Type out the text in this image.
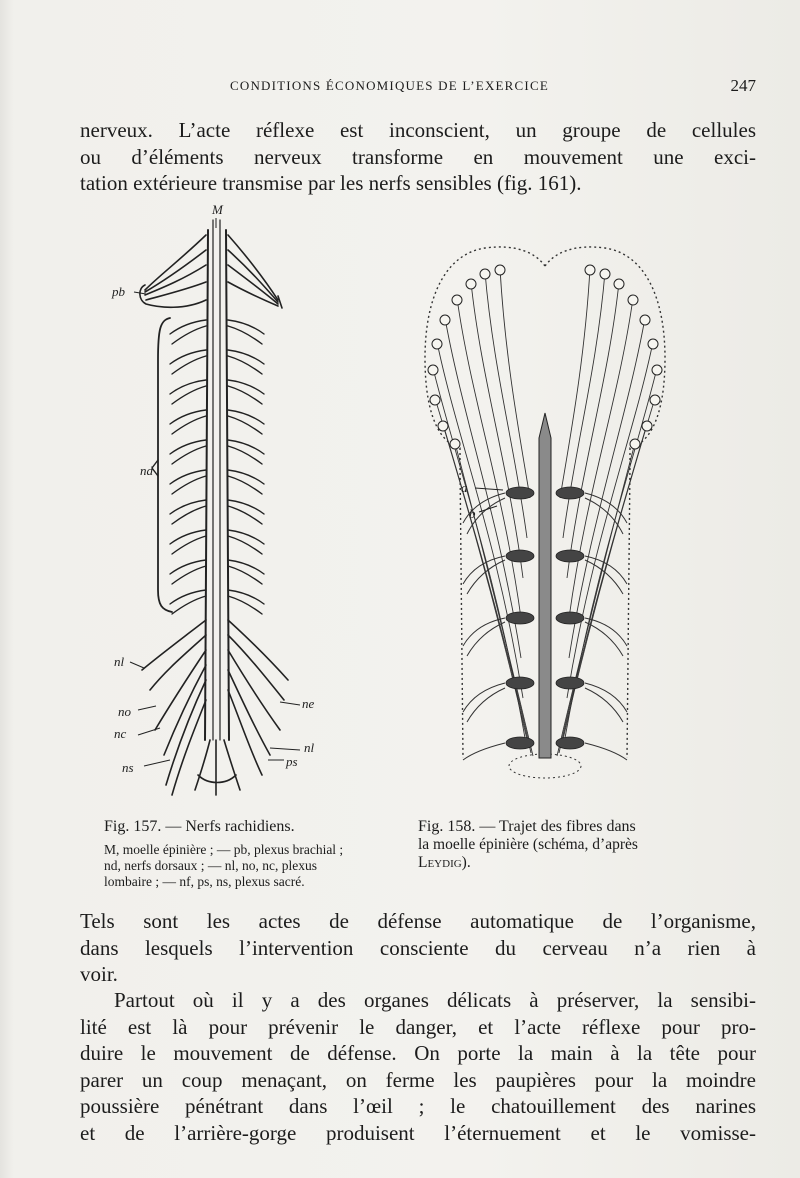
CONDITIONS ÉCONOMIQUES DE L’EXERCICE	247

nerveux. L’acte réflexe est inconscient, un groupe de cellules
ou d’éléments nerveux transforme en mouvement une exci-
tation extérieure transmise par les nerfs sensibles (fig. 161).

M
pb
nd
nl
no
nc
ns
ne
nl
ps
Fig. 157. — Nerfs rachidiens.
M, moelle épinière ; — pb, plexus brachial ;
nd, nerfs dorsaux ; — nl, no, nc, plexus
lombaire ; — nf, ps, ns, plexus sacré.
a
b
Fig. 158. — Trajet des fibres dans
la moelle épinière (schéma, d’après
Leydig).

Tels sont les actes de défense automatique de l’organisme,
dans lesquels l’intervention consciente du cerveau n’a rien à
voir.

Partout où il y a des organes délicats à préserver, la sensibi-
lité est là pour prévenir le danger, et l’acte réflexe pour pro-
duire le mouvement de défense. On porte la main à la tête pour
parer un coup menaçant, on ferme les paupières pour la moindre
poussière pénétrant dans l’œil ; le chatouillement des narines
et de l’arrière-gorge produisent l’éternuement et le vomisse-
